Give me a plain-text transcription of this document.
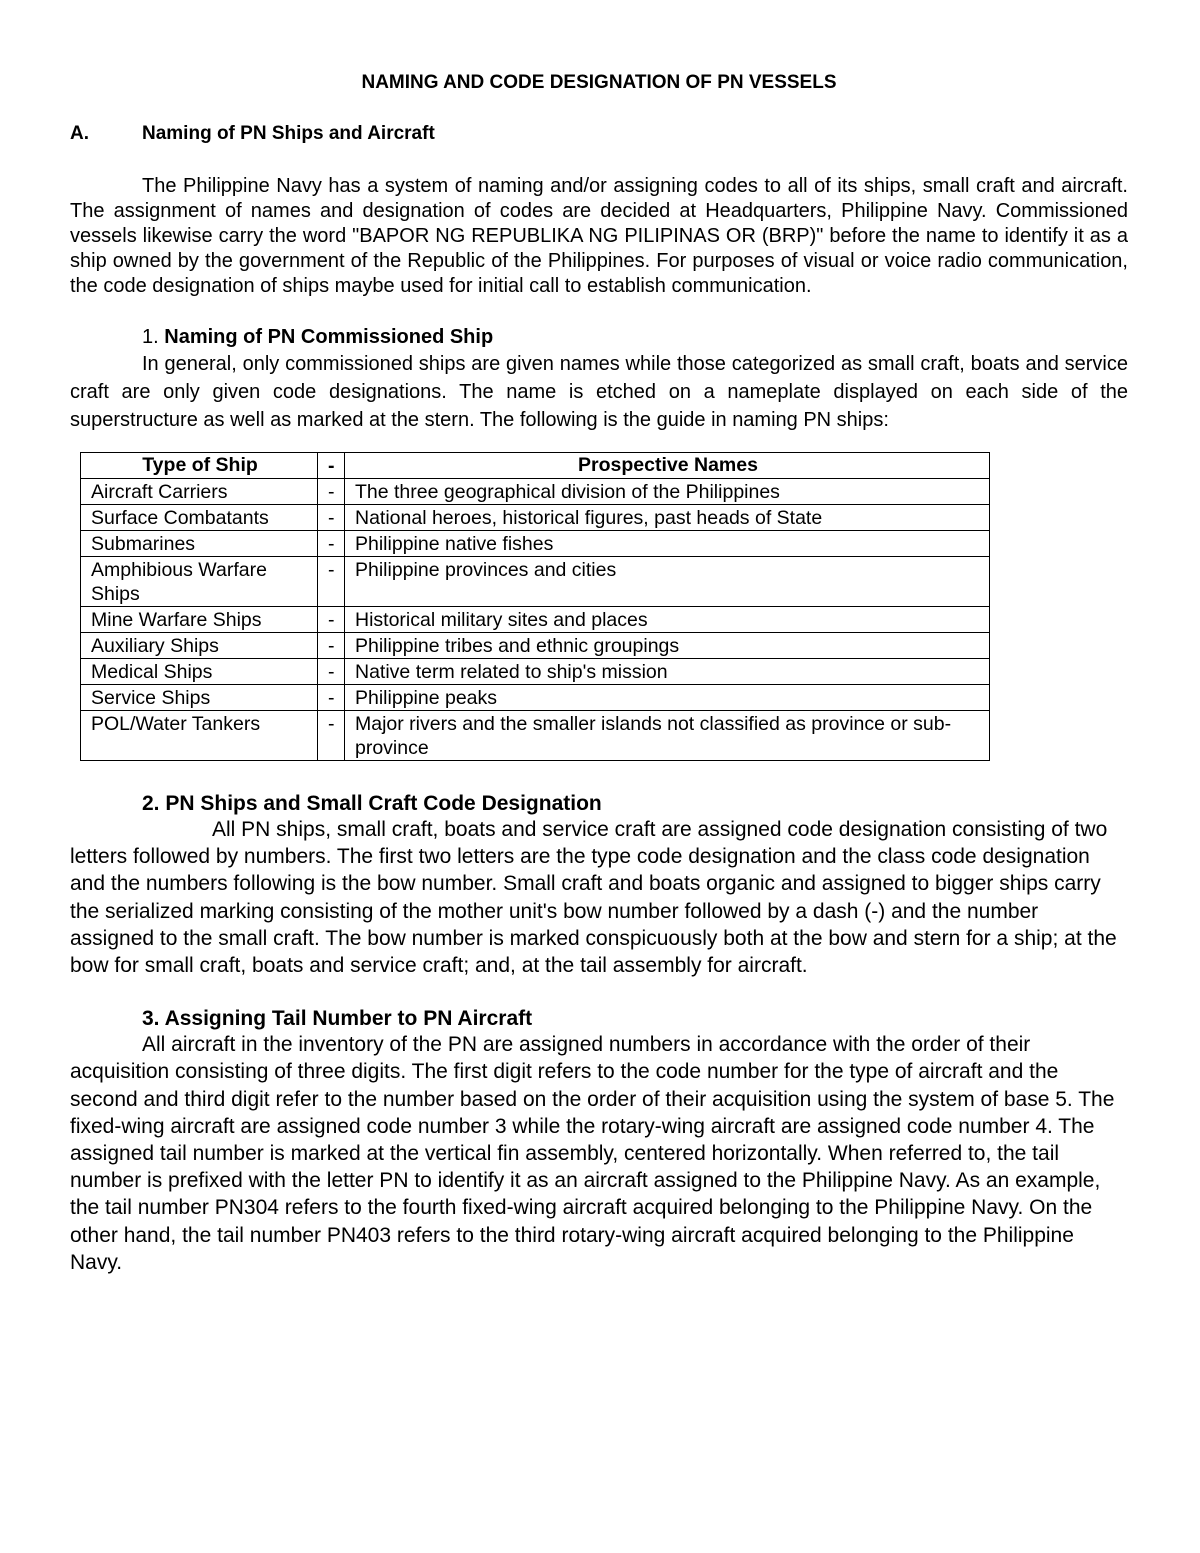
NAMING AND CODE DESIGNATION OF PN VESSELS
A.	Naming of PN Ships and Aircraft

The Philippine Navy has a system of naming and/or assigning codes to all of its ships, small craft and aircraft. The assignment of names and designation of codes are decided at Headquarters, Philippine Navy. Commissioned vessels likewise carry the word "BAPOR NG REPUBLIKA NG PILIPINAS OR (BRP)" before the name to identify it as a ship owned by the government of the Republic of the Philippines. For purposes of visual or voice radio communication, the code designation of ships maybe used for initial call to establish communication.

1. Naming of PN Commissioned Ship

In general, only commissioned ships are given names while those categorized as small craft, boats and service craft are only given code designations. The name is etched on a nameplate displayed on each side of the superstructure as well as marked at the stern. The following is the guide in naming PN ships:

Type of Ship	-	Prospective Names
Aircraft Carriers	-	The three geographical division of the Philippines
Surface Combatants	-	National heroes, historical figures, past heads of State
Submarines	-	Philippine native fishes
Amphibious Warfare Ships	-	Philippine provinces and cities
Mine Warfare Ships	-	Historical military sites and places
Auxiliary Ships	-	Philippine tribes and ethnic groupings
Medical Ships	-	Native term related to ship's mission
Service Ships	-	Philippine peaks
POL/Water Tankers	-	Major rivers and the smaller islands not classified as province or sub-province
2. PN Ships and Small Craft Code Designation

All PN ships, small craft, boats and service craft are assigned code designation consisting of two letters followed by numbers. The first two letters are the type code designation and the class code designation and the numbers following is the bow number. Small craft and boats organic and assigned to bigger ships carry the serialized marking consisting of the mother unit's bow number followed by a dash (-) and the number assigned to the small craft. The bow number is marked conspicuously both at the bow and stern for a ship; at the bow for small craft, boats and service craft; and, at the tail assembly for aircraft.

3. Assigning Tail Number to PN Aircraft

All aircraft in the inventory of the PN are assigned numbers in accordance with the order of their acquisition consisting of three digits. The first digit refers to the code number for the type of aircraft and the second and third digit refer to the number based on the order of their acquisition using the system of base 5. The fixed-wing aircraft are assigned code number 3 while the rotary-wing aircraft are assigned code number 4. The assigned tail number is marked at the vertical fin assembly, centered horizontally. When referred to, the tail number is prefixed with the letter PN to identify it as an aircraft assigned to the Philippine Navy. As an example, the tail number PN304 refers to the fourth fixed-wing aircraft acquired belonging to the Philippine Navy. On the other hand, the tail number PN403 refers to the third rotary-wing aircraft acquired belonging to the Philippine Navy.
